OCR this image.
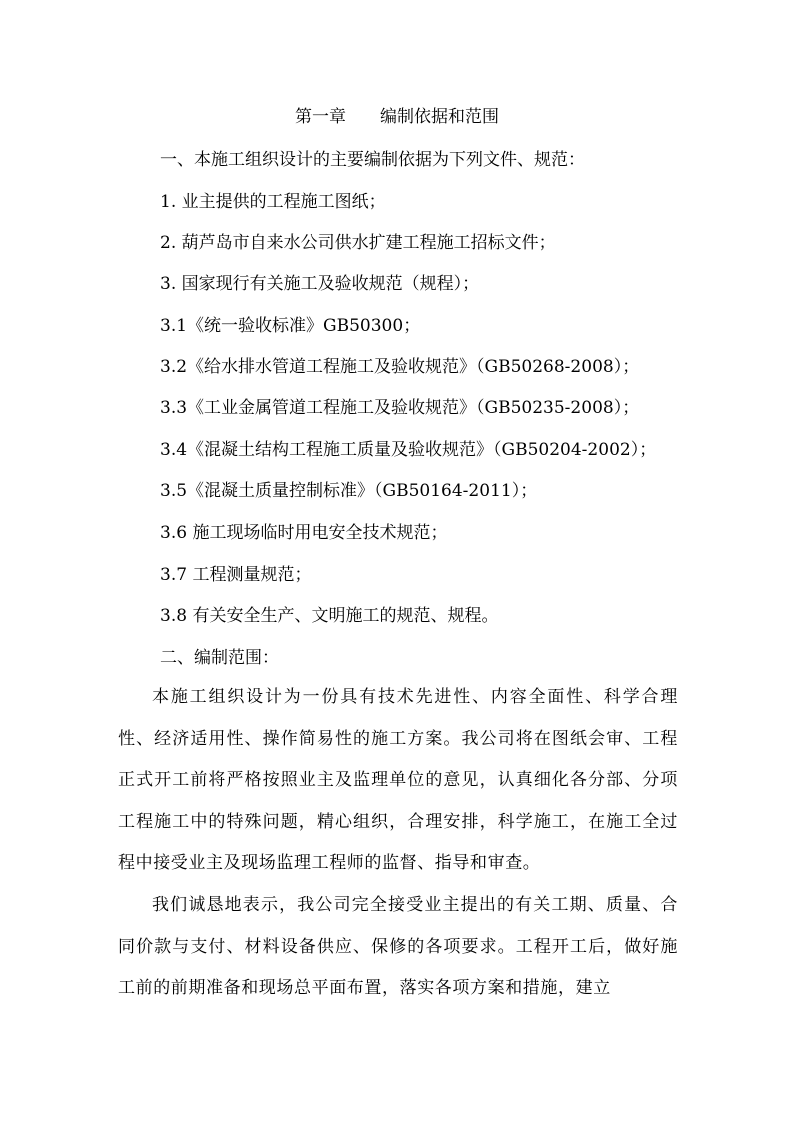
第一章 编制依据和范围
一、本施工组织设计的主要编制依据为下列文件、规范：
1. 业主提供的工程施工图纸；
2. 葫芦岛市自来水公司供水扩建工程施工招标文件；
3. 国家现行有关施工及验收规范（规程）；
3.1《统一验收标准》GB50300；
3.2《给水排水管道工程施工及验收规范》（GB50268-2008）；
3.3《工业金属管道工程施工及验收规范》（GB50235-2008）；
3.4《混凝土结构工程施工质量及验收规范》（GB50204-2002）；
3.5《混凝土质量控制标准》（GB50164-2011）；
3.6 施工现场临时用电安全技术规范；
3.7 工程测量规范；
3.8 有关安全生产、文明施工的规范、规程。
二、编制范围：
本施工组织设计为一份具有技术先进性、内容全面性、科学合理性、经济适用性、操作简易性的施工方案。我公司将在图纸会审、工程正式开工前将严格按照业主及监理单位的意见，认真细化各分部、分项工程施工中的特殊问题，精心组织，合理安排，科学施工，在施工全过程中接受业主及现场监理工程师的监督、指导和审查。
我们诚恳地表示，我公司完全接受业主提出的有关工期、质量、合同价款与支付、材料设备供应、保修的各项要求。工程开工后，做好施工前的前期准备和现场总平面布置，落实各项方案和措施，建立
